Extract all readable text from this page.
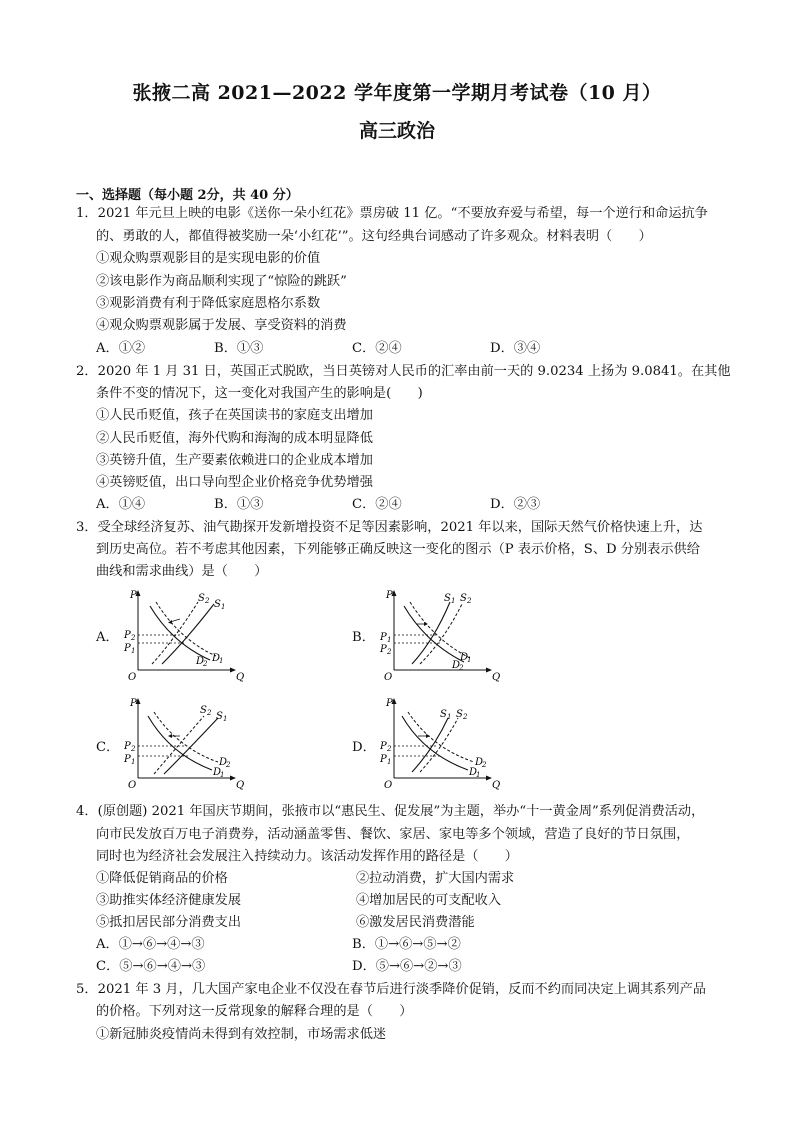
张掖二高 2021—2022 学年度第一学期月考试卷（10 月）
高三政治
一、选择题（每小题 2分，共 40 分）
1．2021 年元旦上映的电影《送你一朵小红花》票房破 11 亿。“不要放弃爱与希望，每一个逆行和命运抗争
的、勇敢的人，都值得被奖励一朵‘小红花’”。这句经典台词感动了许多观众。材料表明（　　）
①观众购票观影目的是实现电影的价值
②该电影作为商品顺利实现了“惊险的跳跃”
③观影消费有利于降低家庭恩格尔系数
④观众购票观影属于发展、享受资料的消费
A．①②	B．①③	C．②④	D．③④
2．2020 年 1 月 31 日，英国正式脱欧，当日英镑对人民币的汇率由前一天的 9.0234 上扬为 9.0841。在其他
条件不变的情况下，这一变化对我国产生的影响是(　　)
①人民币贬值，孩子在英国读书的家庭支出增加
②人民币贬值，海外代购和海淘的成本明显降低
③英镑升值，生产要素依赖进口的企业成本增加
④英镑贬值，出口导向型企业价格竞争优势增强
A．①④	B．①③	C．②④	D．②③
3．受全球经济复苏、油气勘探开发新增投资不足等因素影响，2021 年以来，国际天然气价格快速上升，达
到历史高位。若不考虑其他因素，下列能够正确反映这一变化的图示（P 表示价格，S、D 分别表示供给
曲线和需求曲线）是（　　）
A．	B．
C．	D．
P
Q
O
S 2 S 1
D
2 D
1
P 2
P 1
P
Q
O
S 1 S 2
D
1
D
2
P 1
P 2
P
Q
O
S 2 S 1
D
2
D
1
P 2
P 1
P
Q
O
S 1 S 2
D
2
D
1
P 2
P 1
4．(原创题) 2021 年国庆节期间，张掖市以“惠民生、促发展”为主题，举办“十一黄金周”系列促消费活动，
向市民发放百万电子消费券，活动涵盖零售、餐饮、家居、家电等多个领域，营造了良好的节日氛围，
同时也为经济社会发展注入持续动力。该活动发挥作用的路径是（　　）
①降低促销商品的价格	②拉动消费，扩大国内需求
③助推实体经济健康发展	④增加居民的可支配收入
⑤抵扣居民部分消费支出	⑥激发居民消费潜能
A．①→⑥→④→③	B．①→⑥→⑤→②
C．⑤→⑥→④→③	D．⑤→⑥→②→③
5．2021 年 3 月，几大国产家电企业不仅没在春节后进行淡季降价促销，反而不约而同决定上调其系列产品
的价格。下列对这一反常现象的解释合理的是（　　）
①新冠肺炎疫情尚未得到有效控制，市场需求低迷
